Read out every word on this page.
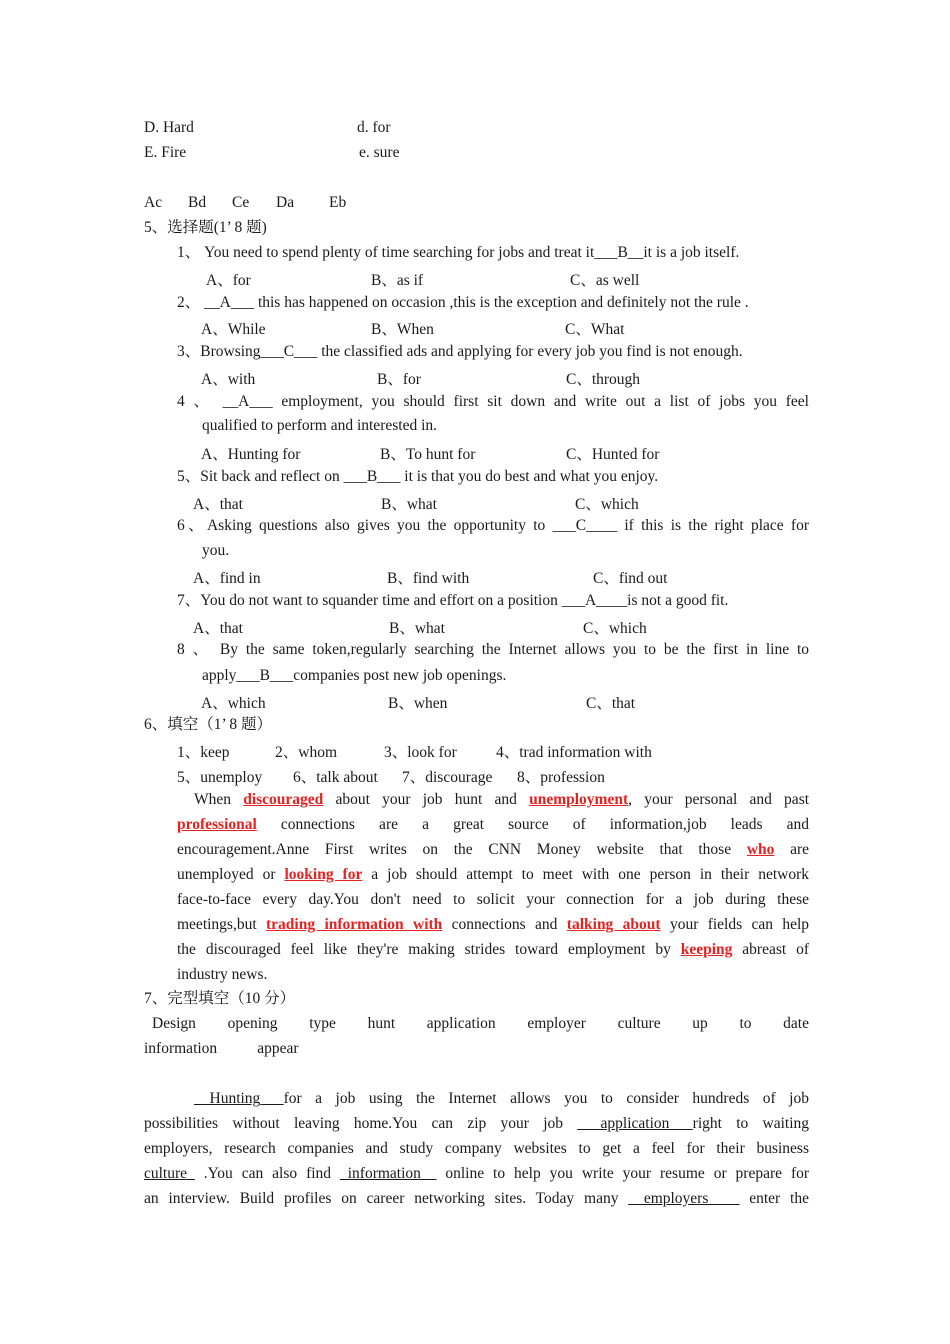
D. Hard	d. for
E. Fire	e. sure
Ac Bd Ce Da Eb
5、选择题(1’ 8 题)
1、 You need to spend plenty of time searching for jobs and treat it___B__it is a job itself.
A、for	B、as if	C、as well
2、 __A___ this has happened on occasion ,this is the exception and definitely not the rule .
A、While	B、When	C、What
3、Browsing___C___ the classified ads and applying for every job you find is not enough.
A、with	B、for	C、through
4 、 __A___ employment, you should first sit down and write out a list of jobs you feel
qualified to perform and interested in.
A、Hunting for	B、To hunt for	C、Hunted for
5、Sit back and reflect on ___B___ it is that you do best and what you enjoy.
A、that	B、what	C、which
6、Asking questions also gives you the opportunity to ___C____ if this is the right place for
you.
A、find in	B、find with	C、find out
7、You do not want to squander time and effort on a position ___A____is not a good fit.
A、that	B、what	C、which
8 、 By the same token,regularly searching the Internet allows you to be the first in line to
apply___B___companies post new job openings.
A、which	B、when	C、that
6、填空（1’ 8 题）
1、keep	2、whom	3、look for	4、trad information with
5、unemploy 6、talk about 7、discourage 8、profession
When discouraged about your job hunt and unemployment, your personal and past
professional connections are a great source of information,job leads and
encouragement.Anne First writes on the CNN Money website that those who are
unemployed or looking for a job should attempt to meet with one person in their network
face-to-face every day.You don't need to solicit your connection for a job during these
meetings,but trading information with connections and talking about your fields can help
the discouraged feel like they're making strides toward employment by keeping abreast of
industry news.
7、完型填空（10 分）
Design opening type hunt application employer culture up to date
information	appear
__Hunting___for a job using the Internet allows you to consider hundreds of job
possibilities without leaving home.You can zip your job ___application___right to waiting
employers, research companies and study company websites to get a feel for their business
culture_ .You can also find _information__ online to help you write your resume or prepare for
an interview. Build profiles on career networking sites. Today many __employers____ enter the
